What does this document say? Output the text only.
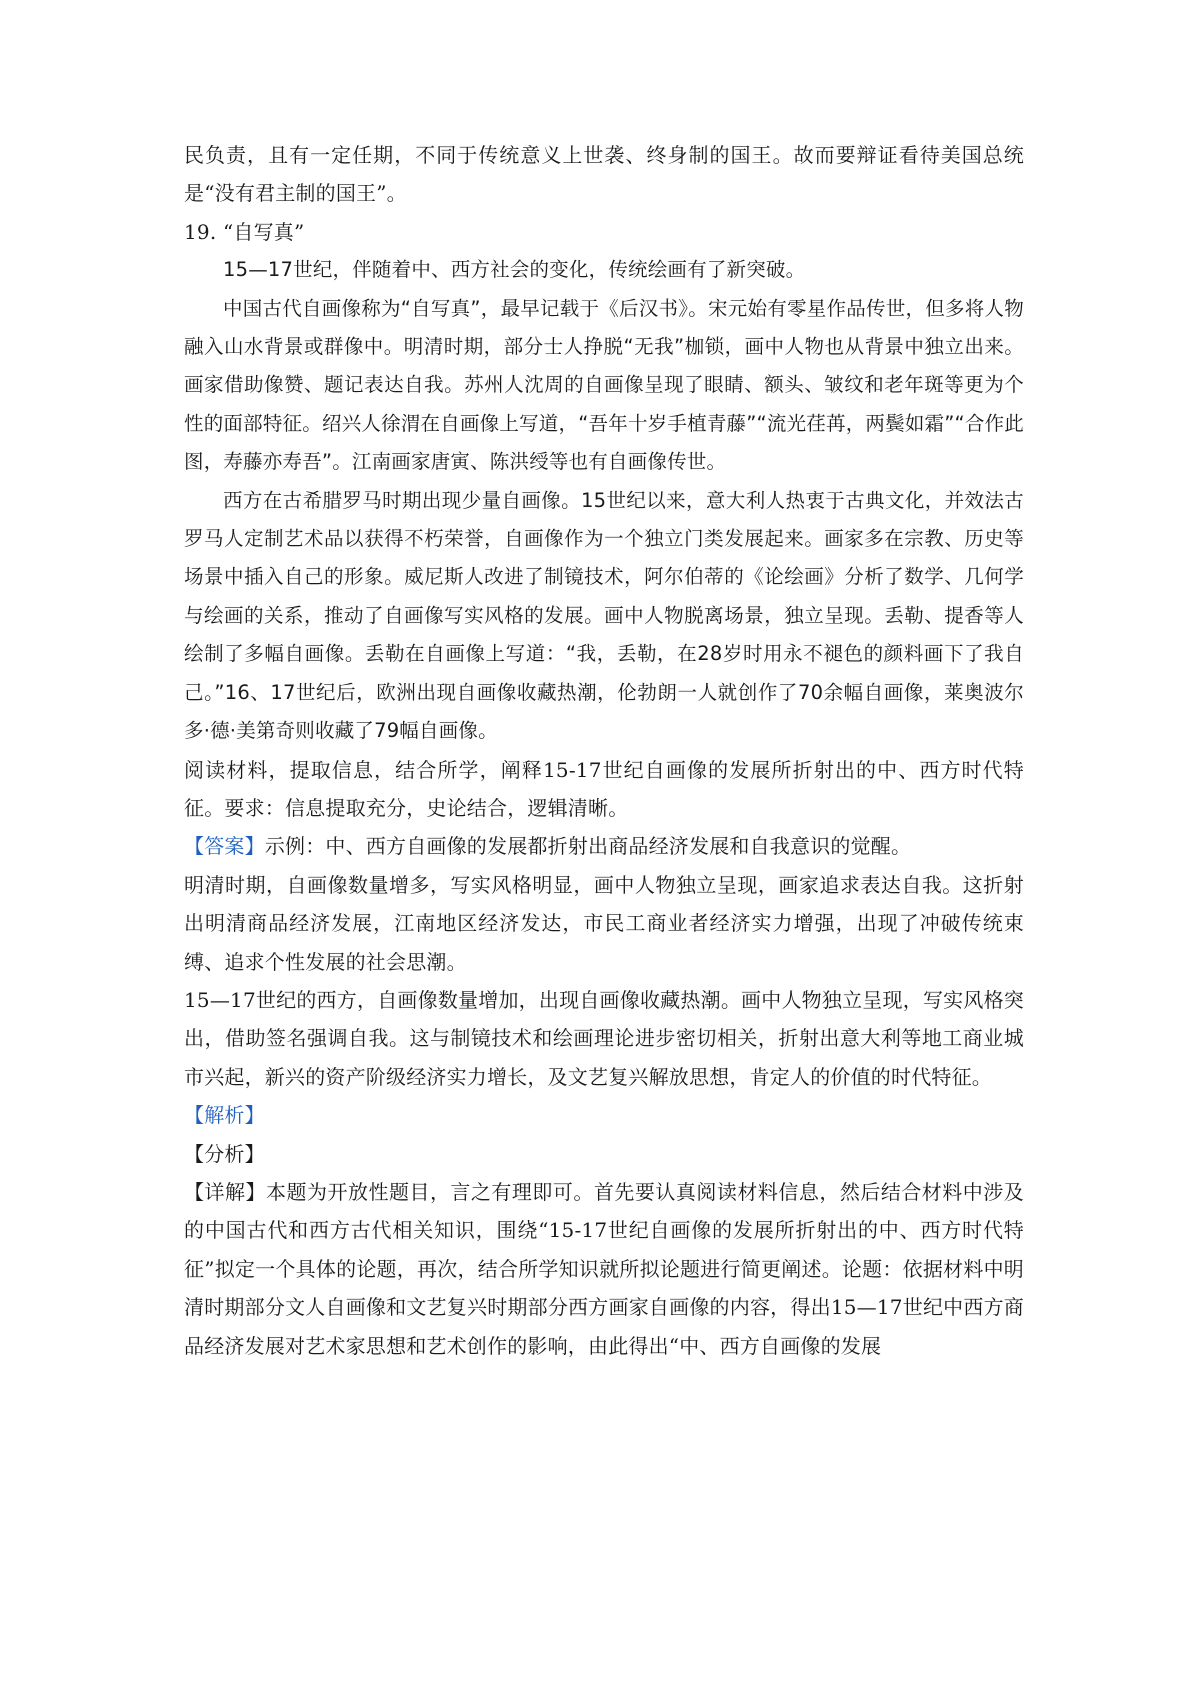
民负责，且有一定任期，不同于传统意义上世袭、终身制的国王。故而要辩证看待美国总统是“没有君主制的国王”。

19. “自写真”

15—17世纪，伴随着中、西方社会的变化，传统绘画有了新突破。

中国古代自画像称为“自写真”，最早记载于《后汉书》。宋元始有零星作品传世，但多将人物融入山水背景或群像中。明清时期，部分士人挣脱“无我”枷锁，画中人物也从背景中独立出来。画家借助像赞、题记表达自我。苏州人沈周的自画像呈现了眼睛、额头、皱纹和老年斑等更为个性的面部特征。绍兴人徐渭在自画像上写道，“吾年十岁手植青藤”“流光荏苒，两鬓如霜”“合作此图，寿藤亦寿吾”。江南画家唐寅、陈洪绶等也有自画像传世。

西方在古希腊罗马时期出现少量自画像。15世纪以来，意大利人热衷于古典文化，并效法古罗马人定制艺术品以获得不朽荣誉，自画像作为一个独立门类发展起来。画家多在宗教、历史等场景中插入自己的形象。威尼斯人改进了制镜技术，阿尔伯蒂的《论绘画》分析了数学、几何学与绘画的关系，推动了自画像写实风格的发展。画中人物脱离场景，独立呈现。丢勒、提香等人绘制了多幅自画像。丢勒在自画像上写道：“我，丢勒，在28岁时用永不褪色的颜料画下了我自己。”16、17世纪后，欧洲出现自画像收藏热潮，伦勃朗一人就创作了70余幅自画像，莱奥波尔多·德·美第奇则收藏了79幅自画像。

阅读材料，提取信息，结合所学，阐释15-17世纪自画像的发展所折射出的中、西方时代特征。要求：信息提取充分，史论结合，逻辑清晰。

【答案】示例：中、西方自画像的发展都折射出商品经济发展和自我意识的觉醒。

明清时期，自画像数量增多，写实风格明显，画中人物独立呈现，画家追求表达自我。这折射出明清商品经济发展，江南地区经济发达，市民工商业者经济实力增强，出现了冲破传统束缚、追求个性发展的社会思潮。

15—17世纪的西方，自画像数量增加，出现自画像收藏热潮。画中人物独立呈现，写实风格突出，借助签名强调自我。这与制镜技术和绘画理论进步密切相关，折射出意大利等地工商业城市兴起，新兴的资产阶级经济实力增长，及文艺复兴解放思想，肯定人的价值的时代特征。

【解析】

【分析】

【详解】本题为开放性题目，言之有理即可。首先要认真阅读材料信息，然后结合材料中涉及的中国古代和西方古代相关知识，围绕“15-17世纪自画像的发展所折射出的中、西方时代特征”拟定一个具体的论题，再次，结合所学知识就所拟论题进行简更阐述。论题：依据材料中明清时期部分文人自画像和文艺复兴时期部分西方画家自画像的内容，得出15—17世纪中西方商品经济发展对艺术家思想和艺术创作的影响，由此得出“中、西方自画像的发展
